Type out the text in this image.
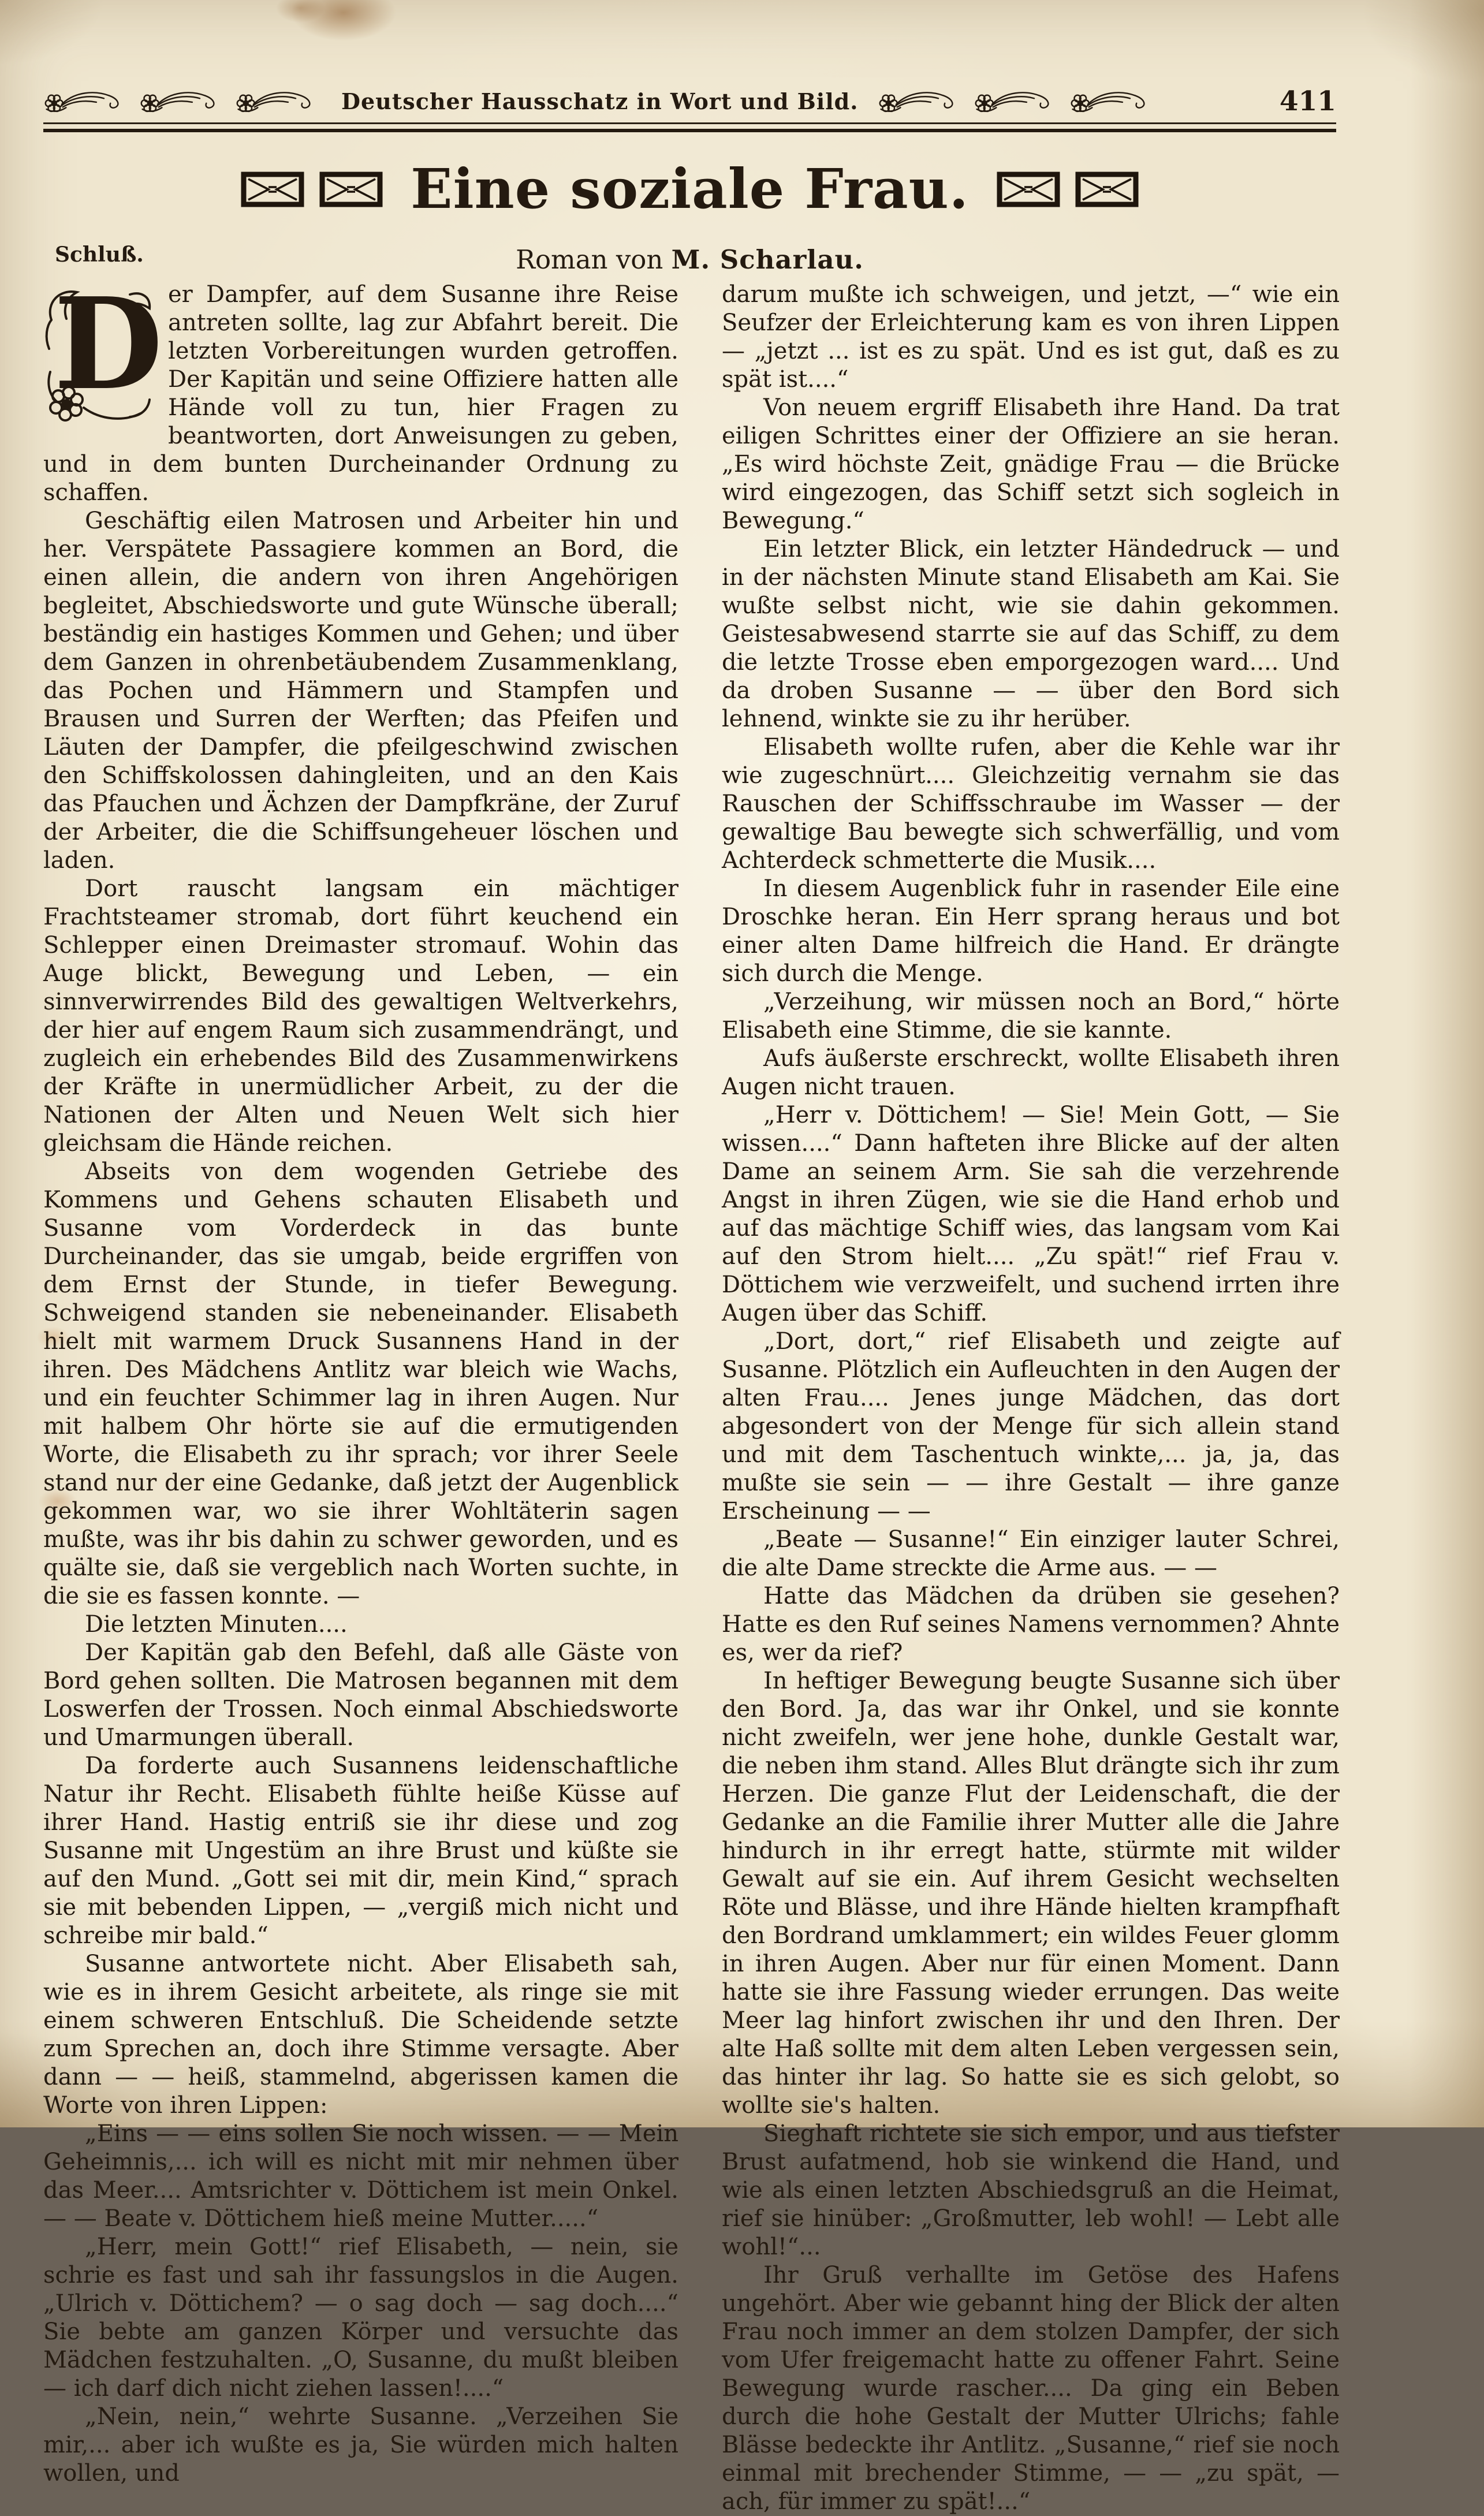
Deutscher Hausschatz in Wort und Bild.	411
Eine soziale Frau.
Schluß.	Roman von M. Scharlau.

D er Dampfer, auf dem Susanne ihre Reise antreten sollte, lag zur Abfahrt bereit. Die letzten Vorbereitungen wurden getroffen. Der Kapitän und seine Offiziere hatten alle Hände voll zu tun, hier Fragen zu beantworten, dort Anweisungen zu geben, und in dem bunten Durcheinander Ordnung zu schaffen.

Geschäftig eilen Matrosen und Arbeiter hin und her. Verspätete Passagiere kommen an Bord, die einen allein, die andern von ihren Angehörigen begleitet, Abschiedsworte und gute Wünsche überall; beständig ein hastiges Kommen und Gehen; und über dem Ganzen in ohrenbetäubendem Zusammenklang, das Pochen und Hämmern und Stampfen und Brausen und Surren der Werften; das Pfeifen und Läuten der Dampfer, die pfeilgeschwind zwischen den Schiffskolossen dahingleiten, und an den Kais das Pfauchen und Ächzen der Dampfkräne, der Zuruf der Arbeiter, die die Schiffsungeheuer löschen und laden.

Dort rauscht langsam ein mächtiger Frachtsteamer stromab, dort führt keuchend ein Schlepper einen Dreimaster stromauf. Wohin das Auge blickt, Bewegung und Leben, — ein sinnverwirrendes Bild des gewaltigen Weltverkehrs, der hier auf engem Raum sich zusammendrängt, und zugleich ein erhebendes Bild des Zusammenwirkens der Kräfte in unermüdlicher Arbeit, zu der die Nationen der Alten und Neuen Welt sich hier gleichsam die Hände reichen.

Abseits von dem wogenden Getriebe des Kommens und Gehens schauten Elisabeth und Susanne vom Vorderdeck in das bunte Durcheinander, das sie umgab, beide ergriffen von dem Ernst der Stunde, in tiefer Bewegung. Schweigend standen sie nebeneinander. Elisabeth hielt mit warmem Druck Susannens Hand in der ihren. Des Mädchens Antlitz war bleich wie Wachs, und ein feuchter Schimmer lag in ihren Augen. Nur mit halbem Ohr hörte sie auf die ermutigenden Worte, die Elisabeth zu ihr sprach; vor ihrer Seele stand nur der eine Gedanke, daß jetzt der Augenblick gekommen war, wo sie ihrer Wohltäterin sagen mußte, was ihr bis dahin zu schwer geworden, und es quälte sie, daß sie vergeblich nach Worten suchte, in die sie es fassen konnte. —

Die letzten Minuten....

Der Kapitän gab den Befehl, daß alle Gäste von Bord gehen sollten. Die Matrosen begannen mit dem Loswerfen der Trossen. Noch einmal Abschiedsworte und Umarmungen überall.

Da forderte auch Susannens leidenschaftliche Natur ihr Recht. Elisabeth fühlte heiße Küsse auf ihrer Hand. Hastig entriß sie ihr diese und zog Susanne mit Ungestüm an ihre Brust und küßte sie auf den Mund. „Gott sei mit dir, mein Kind,“ sprach sie mit bebenden Lippen, — „vergiß mich nicht und schreibe mir bald.“

Susanne antwortete nicht. Aber Elisabeth sah, wie es in ihrem Gesicht arbeitete, als ringe sie mit einem schweren Entschluß. Die Scheidende setzte zum Sprechen an, doch ihre Stimme versagte. Aber dann — — heiß, stammelnd, abgerissen kamen die Worte von ihren Lippen:

„Eins — — eins sollen Sie noch wissen. — — Mein Geheimnis,... ich will es nicht mit mir nehmen über das Meer.... Amtsrichter v. Döttichem ist mein Onkel. — — Beate v. Döttichem hieß meine Mutter.....“

„Herr, mein Gott!“ rief Elisabeth, — nein, sie schrie es fast und sah ihr fassungslos in die Augen. „Ulrich v. Döttichem? — o sag doch — sag doch....“ Sie bebte am ganzen Körper und versuchte das Mädchen festzuhalten. „O, Susanne, du mußt bleiben — ich darf dich nicht ziehen lassen!....“

„Nein, nein,“ wehrte Susanne. „Verzeihen Sie mir,... aber ich wußte es ja, Sie würden mich halten wollen, und

darum mußte ich schweigen, und jetzt, —“ wie ein Seufzer der Erleichterung kam es von ihren Lippen — „jetzt ... ist es zu spät. Und es ist gut, daß es zu spät ist....“

Von neuem ergriff Elisabeth ihre Hand. Da trat eiligen Schrittes einer der Offiziere an sie heran. „Es wird höchste Zeit, gnädige Frau — die Brücke wird eingezogen, das Schiff setzt sich sogleich in Bewegung.“

Ein letzter Blick, ein letzter Händedruck — und in der nächsten Minute stand Elisabeth am Kai. Sie wußte selbst nicht, wie sie dahin gekommen. Geistesabwesend starrte sie auf das Schiff, zu dem die letzte Trosse eben emporgezogen ward.... Und da droben Susanne — — über den Bord sich lehnend, winkte sie zu ihr herüber.

Elisabeth wollte rufen, aber die Kehle war ihr wie zugeschnürt.... Gleichzeitig vernahm sie das Rauschen der Schiffsschraube im Wasser — der gewaltige Bau bewegte sich schwerfällig, und vom Achterdeck schmetterte die Musik....

In diesem Augenblick fuhr in rasender Eile eine Droschke heran. Ein Herr sprang heraus und bot einer alten Dame hilfreich die Hand. Er drängte sich durch die Menge.

„Verzeihung, wir müssen noch an Bord,“ hörte Elisabeth eine Stimme, die sie kannte.

Aufs äußerste erschreckt, wollte Elisabeth ihren Augen nicht trauen.

„Herr v. Döttichem! — Sie! Mein Gott, — Sie wissen....“ Dann hafteten ihre Blicke auf der alten Dame an seinem Arm. Sie sah die verzehrende Angst in ihren Zügen, wie sie die Hand erhob und auf das mächtige Schiff wies, das langsam vom Kai auf den Strom hielt.... „Zu spät!“ rief Frau v. Döttichem wie verzweifelt, und suchend irrten ihre Augen über das Schiff.

„Dort, dort,“ rief Elisabeth und zeigte auf Susanne. Plötzlich ein Aufleuchten in den Augen der alten Frau.... Jenes junge Mädchen, das dort abgesondert von der Menge für sich allein stand und mit dem Taschentuch winkte,... ja, ja, das mußte sie sein — — ihre Gestalt — ihre ganze Erscheinung — —

„Beate — Susanne!“ Ein einziger lauter Schrei, die alte Dame streckte die Arme aus. — —

Hatte das Mädchen da drüben sie gesehen? Hatte es den Ruf seines Namens vernommen? Ahnte es, wer da rief?

In heftiger Bewegung beugte Susanne sich über den Bord. Ja, das war ihr Onkel, und sie konnte nicht zweifeln, wer jene hohe, dunkle Gestalt war, die neben ihm stand. Alles Blut drängte sich ihr zum Herzen. Die ganze Flut der Leidenschaft, die der Gedanke an die Familie ihrer Mutter alle die Jahre hindurch in ihr erregt hatte, stürmte mit wilder Gewalt auf sie ein. Auf ihrem Gesicht wechselten Röte und Blässe, und ihre Hände hielten krampfhaft den Bordrand umklammert; ein wildes Feuer glomm in ihren Augen. Aber nur für einen Moment. Dann hatte sie ihre Fassung wieder errungen. Das weite Meer lag hinfort zwischen ihr und den Ihren. Der alte Haß sollte mit dem alten Leben vergessen sein, das hinter ihr lag. So hatte sie es sich gelobt, so wollte sie's halten.

Sieghaft richtete sie sich empor, und aus tiefster Brust aufatmend, hob sie winkend die Hand, und wie als einen letzten Abschiedsgruß an die Heimat, rief sie hinüber: „Großmutter, leb wohl! — Lebt alle wohl!“...

Ihr Gruß verhallte im Getöse des Hafens ungehört. Aber wie gebannt hing der Blick der alten Frau noch immer an dem stolzen Dampfer, der sich vom Ufer freigemacht hatte zu offener Fahrt. Seine Bewegung wurde rascher.... Da ging ein Beben durch die hohe Gestalt der Mutter Ulrichs; fahle Blässe bedeckte ihr Antlitz. „Susanne,“ rief sie noch einmal mit brechender Stimme, — — „zu spät, — ach, für immer zu spät!...“
